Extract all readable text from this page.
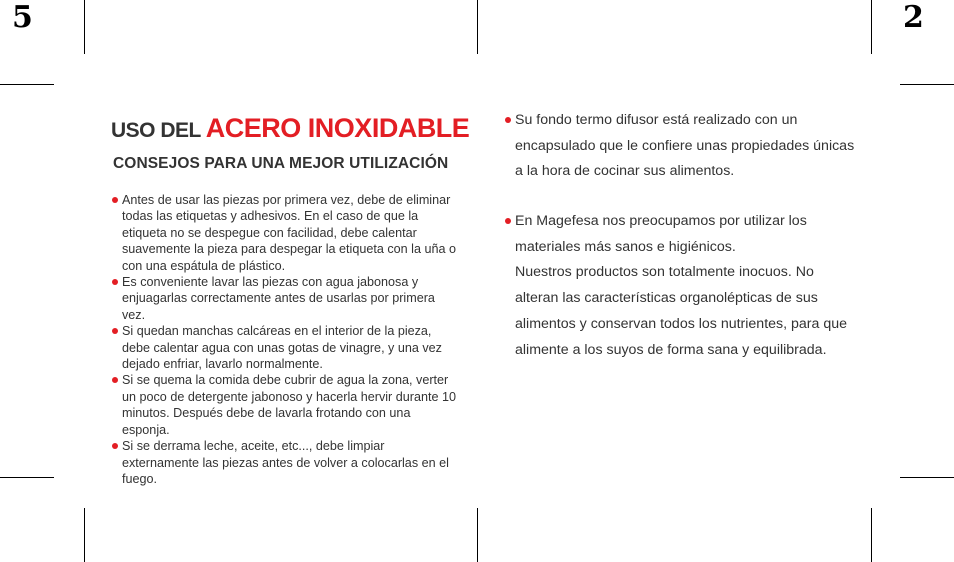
5	2
USO DEL ACERO INOXIDABLE
CONSEJOS PARA UNA MEJOR UTILIZACIÓN
Antes de usar las piezas por primera vez, debe de eliminar todas las etiquetas y adhesivos. En el caso de que la etiqueta no se despegue con facilidad, debe calentar suavemente la pieza para despegar la etiqueta con la uña o con una espátula de plástico.
Es conveniente lavar las piezas con agua jabonosa y enjuagarlas correctamente antes de usarlas por primera vez.
Si quedan manchas calcáreas en el interior de la pieza, debe calentar agua con unas gotas de vinagre, y una vez dejado enfriar, lavarlo normalmente.
Si se quema la comida debe cubrir de agua la zona, verter un poco de detergente jabonoso y hacerla hervir durante 10 minutos. Después debe de lavarla frotando con una esponja.
Si se derrama leche, aceite, etc..., debe limpiar externamente las piezas antes de volver a colocarlas en el fuego.

Su fondo termo difusor está realizado con un encapsulado que le confiere unas propiedades únicas a la hora de cocinar sus alimentos.

En Magefesa nos preocupamos por utilizar los materiales más sanos e higiénicos.

Nuestros productos son totalmente inocuos. No alteran las características organolépticas de sus alimentos y conservan todos los nutrientes, para que alimente a los suyos de forma sana y equilibrada.
